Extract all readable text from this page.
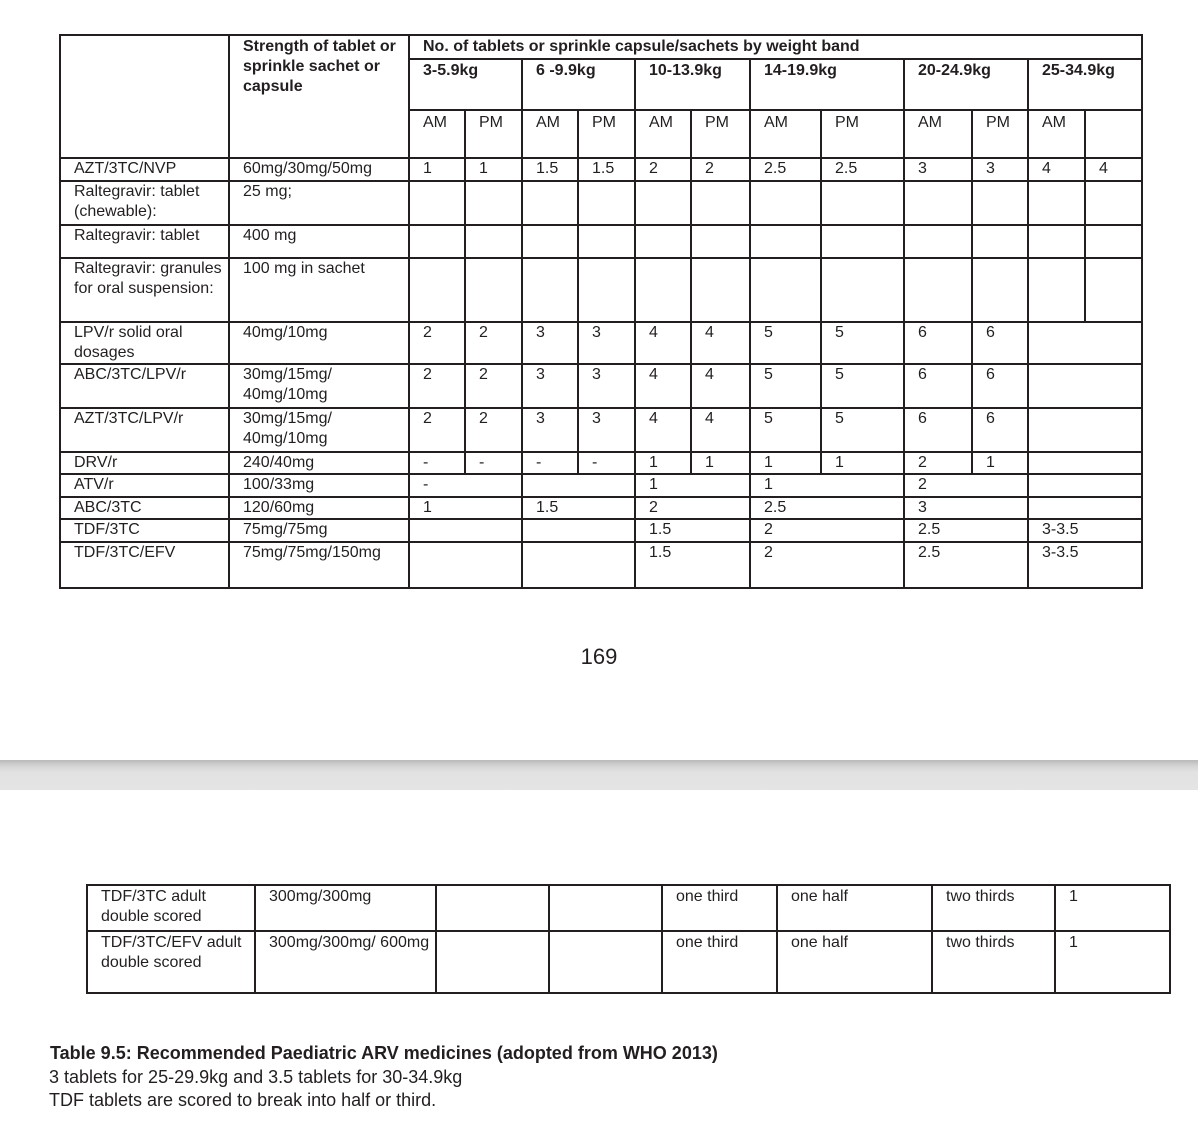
	Strength of tablet or sprinkle sachet or capsule	No. of tablets or sprinkle capsule/sachets by weight band											
		3-5.9kg		6 -9.9kg		10-13.9kg		14-19.9kg		20-24.9kg		25-34.9kg	
		AM	PM	AM	PM	AM	PM	AM	PM	AM	PM	AM	
AZT/3TC/NVP	60mg/30mg/50mg	1	1	1.5	1.5	2	2	2.5	2.5	3	3	4	4
Raltegravir: tablet (chewable):	25 mg;												
Raltegravir: tablet	400 mg												
Raltegravir: granules for oral suspension:	100 mg in sachet												
LPV/r solid oral dosages	40mg/10mg	2	2	3	3	4	4	5	5	6	6		
ABC/3TC/LPV/r	30mg/15mg/ 40mg/10mg	2	2	3	3	4	4	5	5	6	6		
AZT/3TC/LPV/r	30mg/15mg/ 40mg/10mg	2	2	3	3	4	4	5	5	6	6		
DRV/r	240/40mg	-	-	-	-	1	1	1	1	2	1		
ATV/r	100/33mg	-				1		1		2			
ABC/3TC	120/60mg	1		1.5		2		2.5		3			
TDF/3TC	75mg/75mg					1.5		2		2.5		3-3.5	
TDF/3TC/EFV	75mg/75mg/150mg					1.5		2		2.5		3-3.5	
169
TDF/3TC adult double scored	300mg/300mg			one third	one half	two thirds	1
TDF/3TC/EFV adult double scored	300mg/300mg/ 600mg			one third	one half	two thirds	1
Table 9.5: Recommended Paediatric ARV medicines (adopted from WHO 2013)
3 tablets for 25-29.9kg and 3.5 tablets for 30-34.9kg
TDF tablets are scored to break into half or third.
